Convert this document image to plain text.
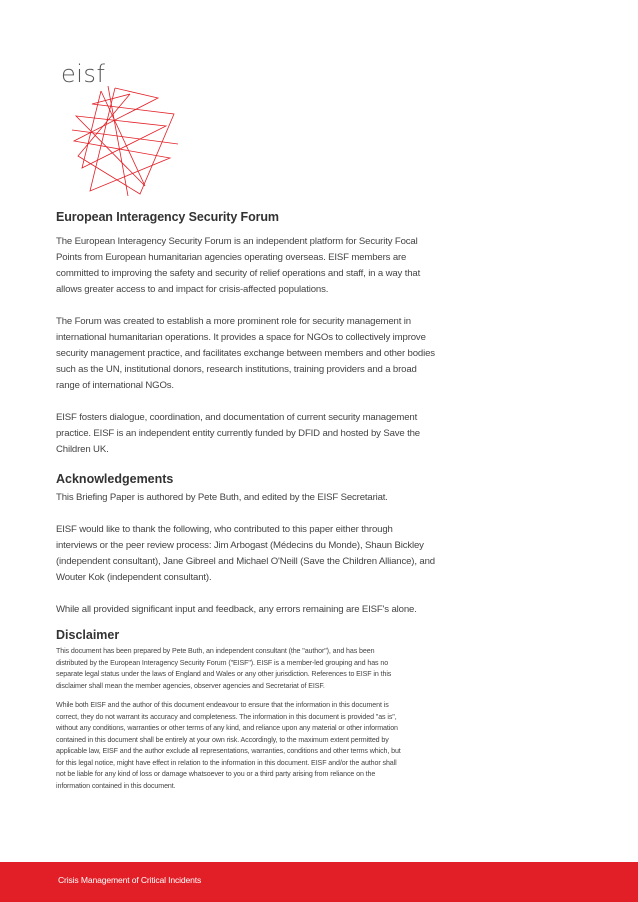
eisf
European Interagency Security Forum

The European Interagency Security Forum is an independent platform for Security Focal Points from European humanitarian agencies operating overseas. EISF members are committed to improving the safety and security of relief operations and staff, in a way that allows greater access to and impact for crisis-affected populations.

The Forum was created to establish a more prominent role for security management in international humanitarian operations. It provides a space for NGOs to collectively improve security management practice, and facilitates exchange between members and other bodies such as the UN, institutional donors, research institutions, training providers and a broad range of international NGOs.

EISF fosters dialogue, coordination, and documentation of current security management practice. EISF is an independent entity currently funded by DFID and hosted by Save the Children UK.

Acknowledgements

This Briefing Paper is authored by Pete Buth, and edited by the EISF Secretariat.

EISF would like to thank the following, who contributed to this paper either through interviews or the peer review process: Jim Arbogast (Médecins du Monde), Shaun Bickley (independent consultant), Jane Gibreel and Michael O'Neill (Save the Children Alliance), and Wouter Kok (independent consultant).

While all provided significant input and feedback, any errors remaining are EISF's alone.

Disclaimer

This document has been prepared by Pete Buth, an independent consultant (the "author"), and has been distributed by the European Interagency Security Forum ("EISF"). EISF is a member-led grouping and has no separate legal status under the laws of England and Wales or any other jurisdiction. References to EISF in this disclaimer shall mean the member agencies, observer agencies and Secretariat of EISF.

While both EISF and the author of this document endeavour to ensure that the information in this document is correct, they do not warrant its accuracy and completeness. The information in this document is provided "as is", without any conditions, warranties or other terms of any kind, and reliance upon any material or other information contained in this document shall be entirely at your own risk. Accordingly, to the maximum extent permitted by applicable law, EISF and the author exclude all representations, warranties, conditions and other terms which, but for this legal notice, might have effect in relation to the information in this document. EISF and/or the author shall not be liable for any kind of loss or damage whatsoever to you or a third party arising from reliance on the information contained in this document.

Crisis Management of Critical Incidents
